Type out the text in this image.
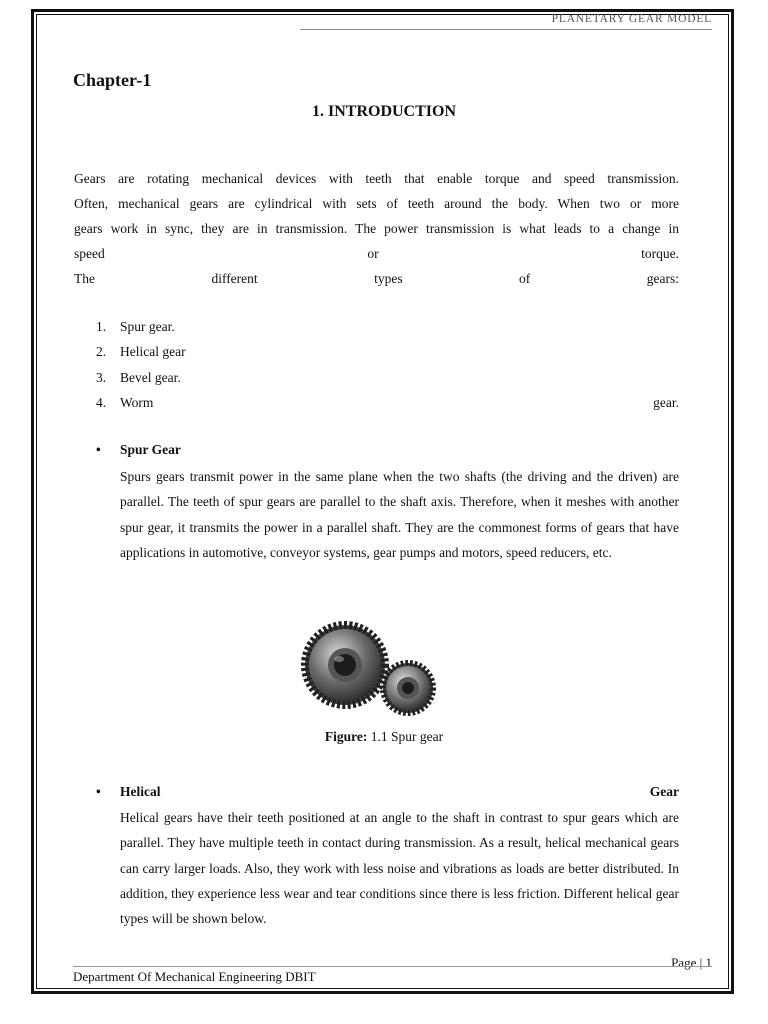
PLANETARY GEAR MODEL
Chapter-1
1. INTRODUCTION
Gears are rotating mechanical devices with teeth that enable torque and speed transmission.
Often, mechanical gears are cylindrical with sets of teeth around the body. When two or more
gears work in sync, they are in transmission. The power transmission is what leads to a change in
speed	or	torque.
The	different	types	of	gears:
1.	Spur gear.
2.	Helical gear
3.	Bevel gear.
4.	Worm	gear.
•	Spur Gear
Spurs gears transmit power in the same plane when the two shafts (the driving and the driven) are parallel. The teeth of spur gears are parallel to the shaft axis. Therefore, when it meshes with another spur gear, it transmits the power in a parallel shaft. They are the commonest forms of gears that have applications in automotive, conveyor systems, gear pumps and motors, speed reducers, etc.
Figure: 1.1 Spur gear
•	Helical	Gear
Helical gears have their teeth positioned at an angle to the shaft in contrast to spur gears which are parallel. They have multiple teeth in contact during transmission. As a result, helical mechanical gears can carry larger loads. Also, they work with less noise and vibrations as loads are better distributed. In addition, they experience less wear and tear conditions since there is less friction. Different helical gear types will be shown below.
Page | 1
Department Of Mechanical Engineering DBIT
